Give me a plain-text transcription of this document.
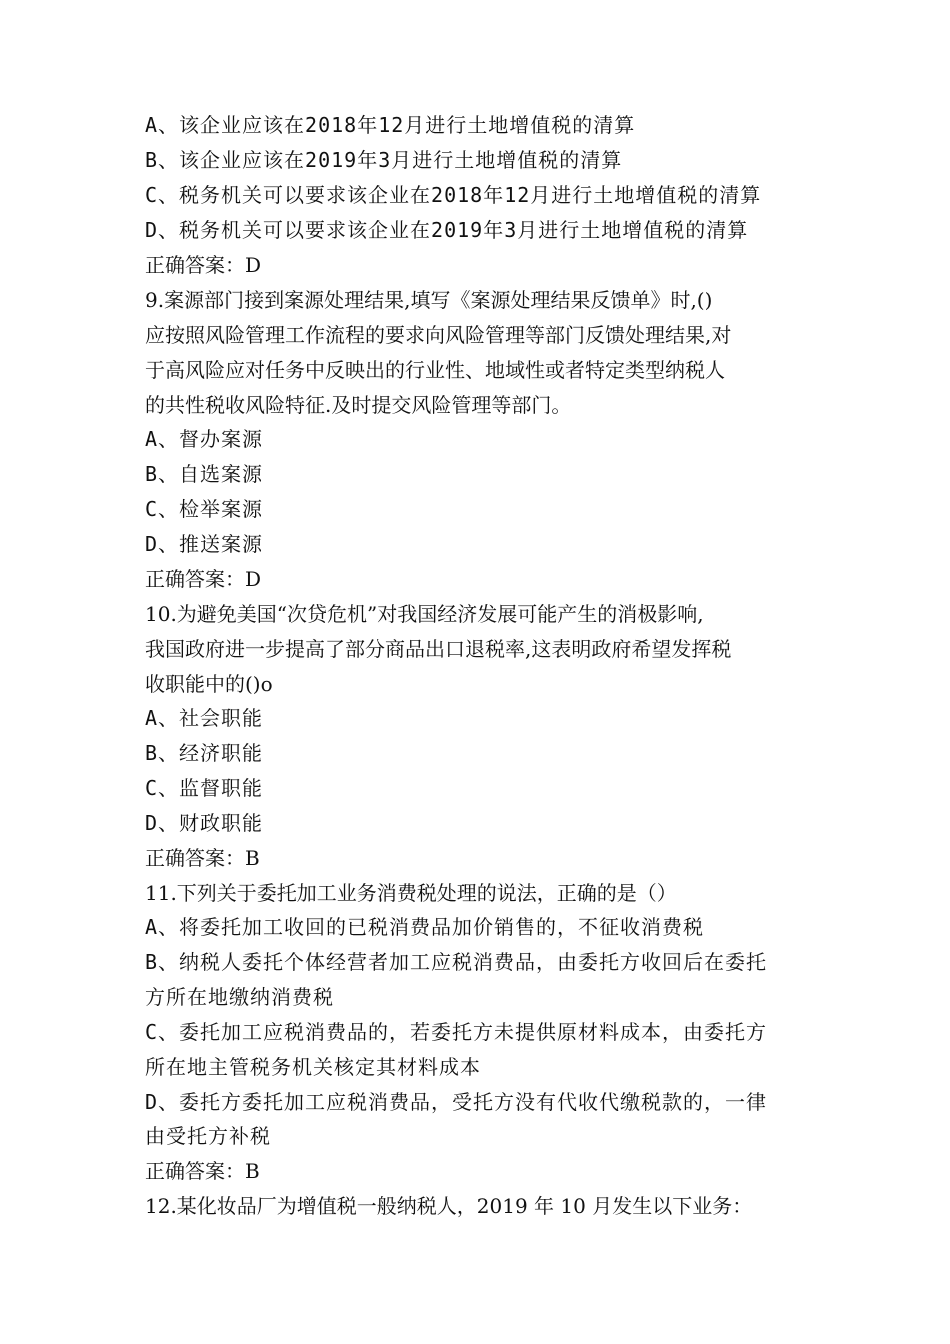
A、该企业应该在2018年12月进行土地增值税的清算
B、该企业应该在2019年3月进行土地增值税的清算
C、税务机关可以要求该企业在2018年12月进行土地增值税的清算
D、税务机关可以要求该企业在2019年3月进行土地增值税的清算
正确答案：D
9.案源部门接到案源处理结果,填写《案源处理结果反馈单》时,()
应按照风险管理工作流程的要求向风险管理等部门反馈处理结果,对
于高风险应对任务中反映出的行业性、地域性或者特定类型纳税人
的共性税收风险特征.及时提交风险管理等部门。
A、督办案源
B、自选案源
C、检举案源
D、推送案源
正确答案：D
10.为避免美国“次贷危机”对我国经济发展可能产生的消极影响,
我国政府进一步提高了部分商品出口退税率,这表明政府希望发挥税
收职能中的()o
A、社会职能
B、经济职能
C、监督职能
D、财政职能
正确答案：B
11.下列关于委托加工业务消费税处理的说法，正确的是（）
A、将委托加工收回的已税消费品加价销售的，不征收消费税
B、纳税人委托个体经营者加工应税消费品，由委托方收回后在委托
方所在地缴纳消费税
C、委托加工应税消费品的，若委托方未提供原材料成本，由委托方
所在地主管税务机关核定其材料成本
D、委托方委托加工应税消费品，受托方没有代收代缴税款的，一律
由受托方补税
正确答案：B
12.某化妆品厂为增值税一般纳税人，2019 年 10 月发生以下业务：
